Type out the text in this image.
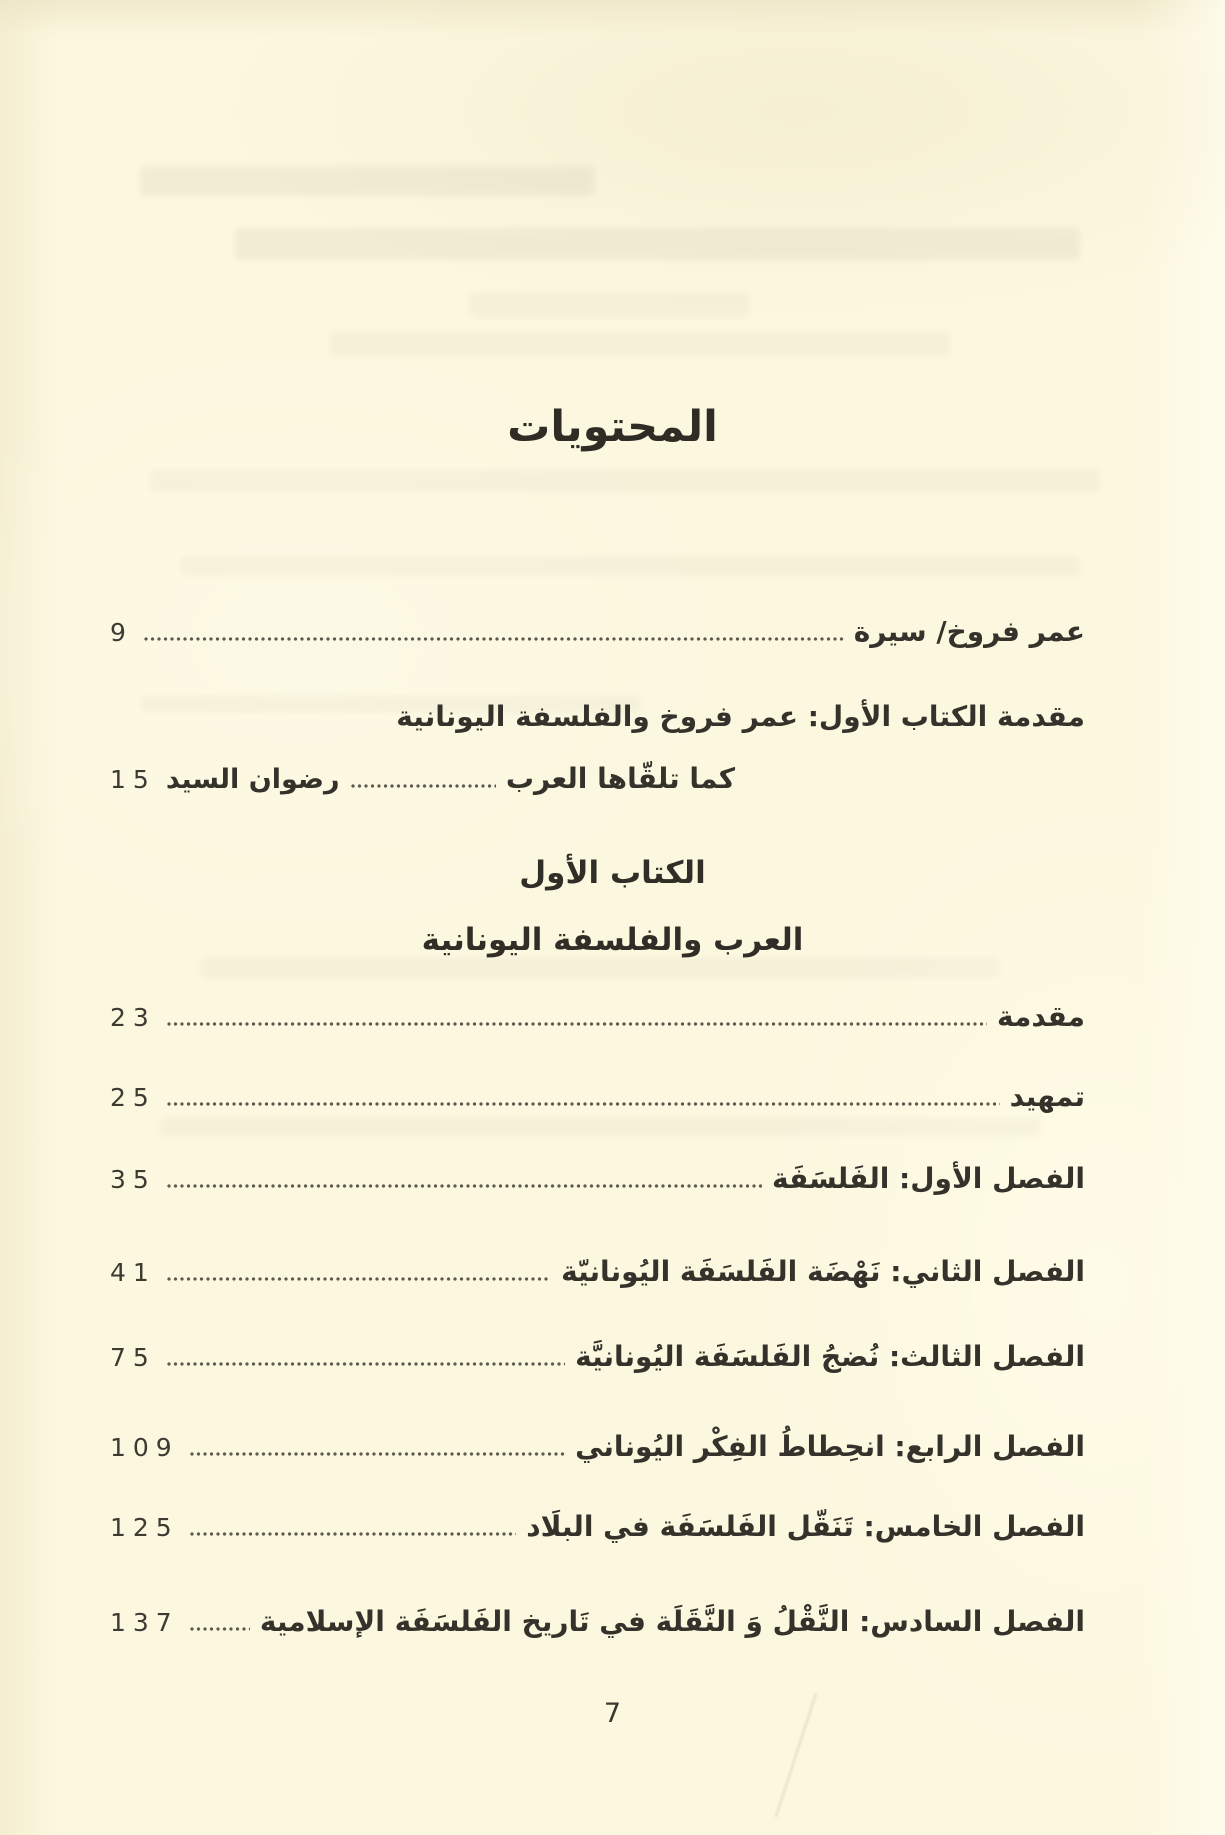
المحتويات
عمر فروخ/ سيرة
9
مقدمة الكتاب الأول: عمر فروخ والفلسفة اليونانية
كما تلقّاها العرب
رضوان السيد
15
الكتاب الأول
العرب والفلسفة اليونانية
مقدمة
23
تمهيد
25
الفصل الأول: الفَلسَفَة
35
الفصل الثاني: نَهْضَة الفَلسَفَة اليُونانيّة
41
الفصل الثالث: نُضجُ الفَلسَفَة اليُونانيَّة
75
الفصل الرابع: انحِطاطُ الفِكْر اليُوناني
109
الفصل الخامس: تَنَقّل الفَلسَفَة في البلَاد
125
الفصل السادس: النَّقْلُ وَ النَّقَلَة في تَاريخ الفَلسَفَة الإسلامية
137
7
